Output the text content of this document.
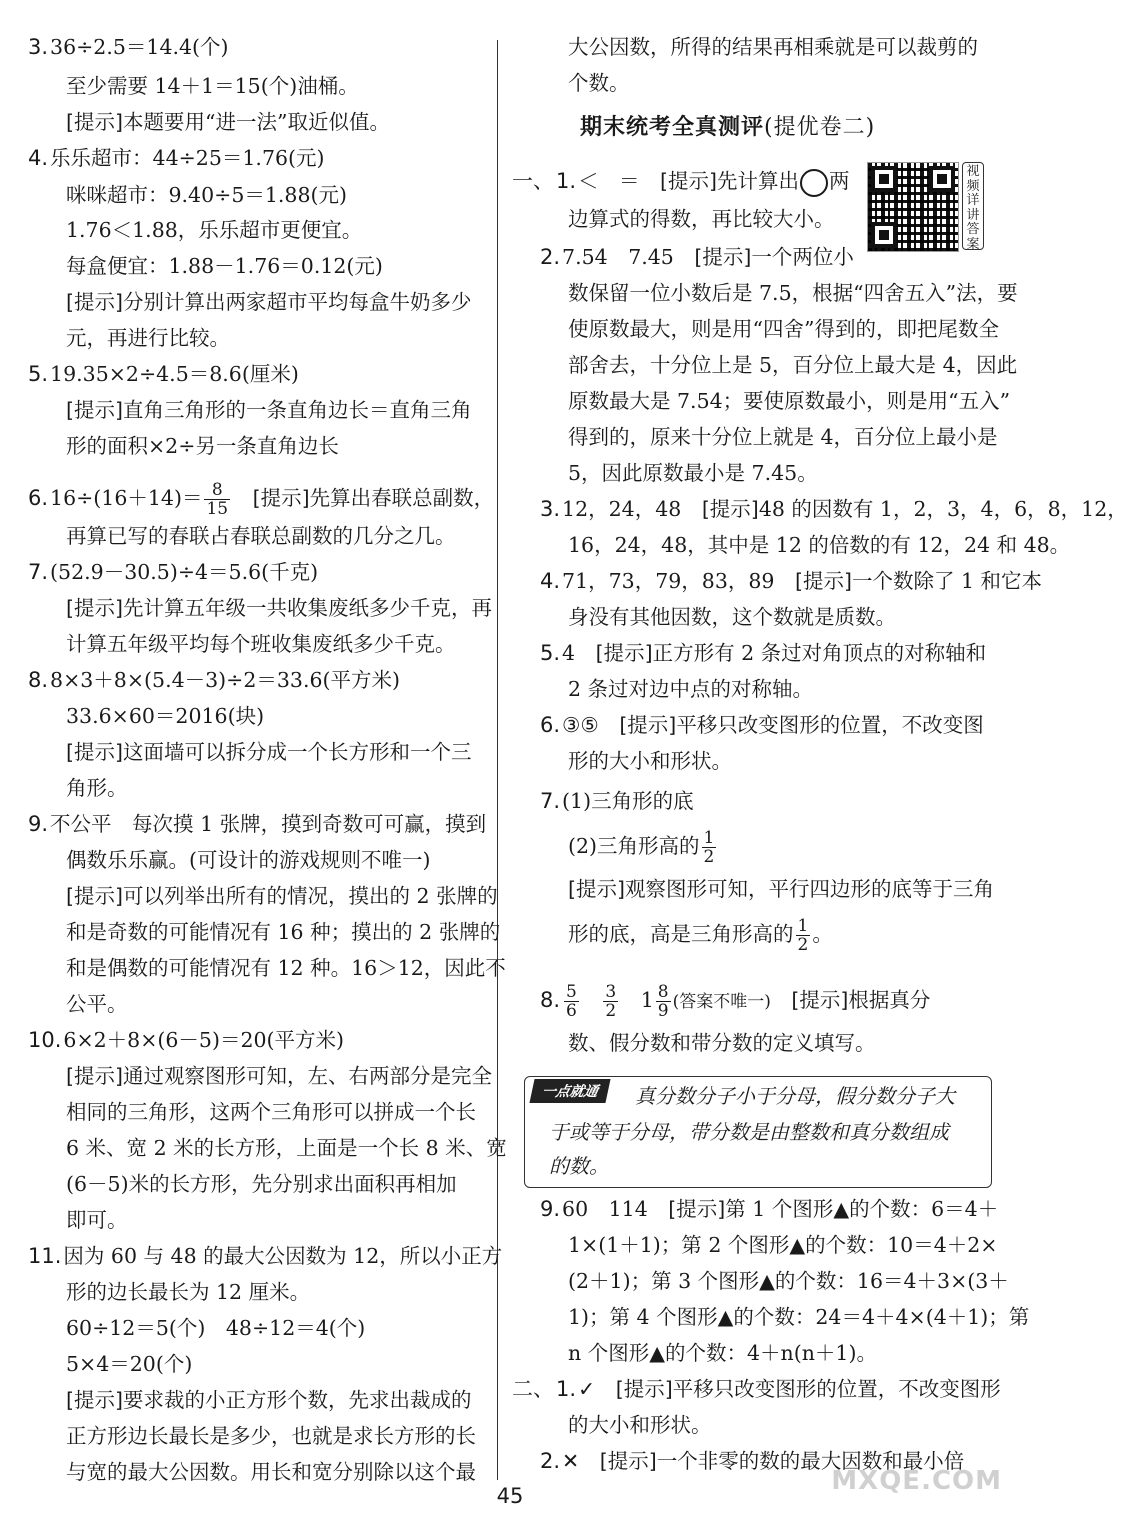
3.36÷2.5＝14.4(个)
至少需要 14＋1＝15(个)油桶。
[提示]本题要用“进一法”取近似值。
4.乐乐超市：44÷25＝1.76(元)
咪咪超市：9.40÷5＝1.88(元)
1.76＜1.88，乐乐超市更便宜。
每盒便宜：1.88－1.76＝0.12(元)
[提示]分别计算出两家超市平均每盒牛奶多少
元，再进行比较。
5.19.35×2÷4.5＝8.6(厘米)
[提示]直角三角形的一条直角边长＝直角三角
形的面积×2÷另一条直角边长
$6.16\div(16+14)= \frac{8}{15}$
　 [提示]先算出春联总副数，
再算已写的春联占春联总副数的几分之几。
7.(52.9－30.5)÷4＝5.6(千克)
[提示]先计算五年级一共收集废纸多少千克，再
计算五年级平均每个班收集废纸多少千克。
8.8×3＋8×(5.4－3)÷2＝33.6(平方米)
33.6×60＝2016(块)
[提示]这面墙可以拆分成一个长方形和一个三
角形。
9.不公平　每次摸 1 张牌，摸到奇数可可赢，摸到
偶数乐乐赢。(可设计的游戏规则不唯一)
[提示]可以列举出所有的情况，摸出的 2 张牌的
和是奇数的可能情况有 16 种；摸出的 2 张牌的
和是偶数的可能情况有 12 种。16＞12，因此不
公平。
10.6×2＋8×(6－5)＝20(平方米)
[提示]通过观察图形可知，左、右两部分是完全
相同的三角形，这两个三角形可以拼成一个长
6 米、宽 2 米的长方形，上面是一个长 8 米、宽
(6－5)米的长方形，先分别求出面积再相加
即可。
11.因为 60 与 48 的最大公因数为 12，所以小正方
形的边长最长为 12 厘米。
60÷12＝5(个)　48÷12＝4(个)
5×4＝20(个)
[提示]要求裁的小正方形个数，先求出裁成的
正方形边长最长是多少，也就是求长方形的长
与宽的最大公因数。用长和宽分别除以这个最
大公因数，所得的结果再相乘就是可以裁剪的
个数。
期末统考全真测评(提优卷二)
视频详讲答案
一、1.＜　＝　 [提示]先计算出 两
边算式的得数，再比较大小。
2.7.54　7.45　 [提示]一个两位小
数保留一位小数后是 7.5，根据“四舍五入”法，要
使原数最大，则是用“四舍”得到的，即把尾数全
部舍去，十分位上是 5，百分位上最大是 4，因此
原数最大是 7.54；要使原数最小，则是用“五入”
得到的，原来十分位上就是 4，百分位上最小是
5，因此原数最小是 7.45。
3.12，24，48　 [提示]48 的因数有 1，2，3，4，6，8，12，
16，24，48，其中是 12 的倍数的有 12，24 和 48。
4.71，73，79，83，89　 [提示]一个数除了 1 和它本
身没有其他因数，这个数就是质数。
5.4　 [提示]正方形有 2 条过对角顶点的对称轴和
2 条过对边中点的对称轴。
6.③⑤　 [提示]平移只改变图形的位置，不改变图
形的大小和形状。
7.(1)三角形的底
(2)三角形高的 $\frac{1}{2}$
[提示]观察图形可知，平行四边形的底等于三角
形的底，高是三角形高的 $\frac{1}{2}$ 。
8. $\frac{5}{6}$
　 $\frac{3}{2}$
　 $1 \frac{8}{9}$ (答案不唯一)　 [提示]根据真分
数、假分数和带分数的定义填写。
真分数分子小于分母，假分数分子大
于或等于分母，带分数是由整数和真分数组成
的数。
一点就通
9.60　114　 [提示]第 1 个图形▲的个数：6＝4＋
1×(1＋1)；第 2 个图形▲的个数：10＝4＋2×
(2＋1)；第 3 个图形▲的个数：16＝4＋3×(3＋
1)；第 4 个图形▲的个数：24＝4＋4×(4＋1)；第
n 个图形▲的个数：4＋n(n＋1)。
二、1.✓　 [提示]平移只改变图形的位置，不改变图形
的大小和形状。
2.✕　 [提示]一个非零的数的最大因数和最小倍
45	MXQE.COM
